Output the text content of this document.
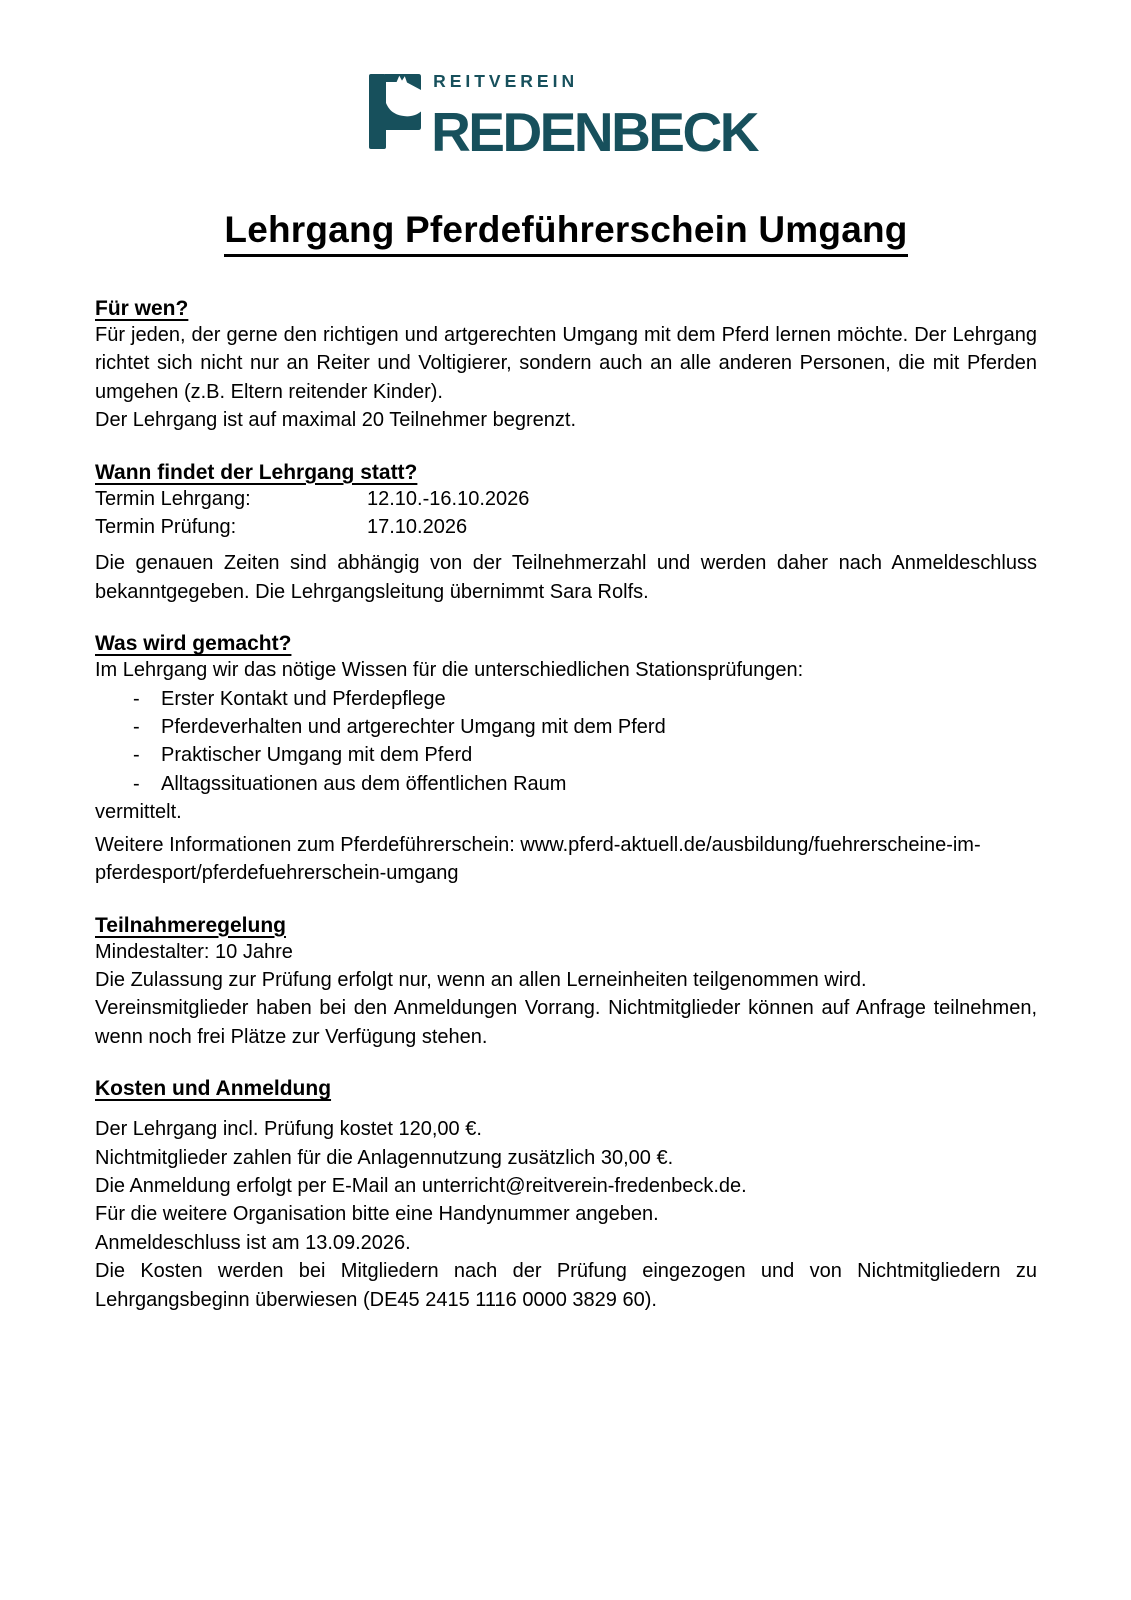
REITVEREIN
REDENBECK
Lehrgang Pferdeführerschein Umgang
Für wen?

Für jeden, der gerne den richtigen und artgerechten Umgang mit dem Pferd lernen möchte. Der Lehrgang richtet sich nicht nur an Reiter und Voltigierer, sondern auch an alle anderen Personen, die mit Pferden umgehen (z.B. Eltern reitender Kinder).

Der Lehrgang ist auf maximal 20 Teilnehmer begrenzt.

Wann findet der Lehrgang statt?
Termin Lehrgang:	12.10.-16.10.2026
Termin Prüfung:	17.10.2026

Die genauen Zeiten sind abhängig von der Teilnehmerzahl und werden daher nach Anmeldeschluss bekanntgegeben. Die Lehrgangsleitung übernimmt Sara Rolfs.

Was wird gemacht?

Im Lehrgang wir das nötige Wissen für die unterschiedlichen Stationsprüfungen:

- Erster Kontakt und Pferdepflege
- Pferdeverhalten und artgerechter Umgang mit dem Pferd
- Praktischer Umgang mit dem Pferd
- Alltagssituationen aus dem öffentlichen Raum

vermittelt.

Weitere Informationen zum Pferdeführerschein: www.pferd-aktuell.de/ausbildung/fuehrerscheine-im-pferdesport/pferdefuehrerschein-umgang

Teilnahmeregelung

Mindestalter: 10 Jahre

Die Zulassung zur Prüfung erfolgt nur, wenn an allen Lerneinheiten teilgenommen wird.

Vereinsmitglieder haben bei den Anmeldungen Vorrang. Nichtmitglieder können auf Anfrage teilnehmen, wenn noch frei Plätze zur Verfügung stehen.

Kosten und Anmeldung

Der Lehrgang incl. Prüfung kostet 120,00 €.

Nichtmitglieder zahlen für die Anlagennutzung zusätzlich 30,00 €.

Die Anmeldung erfolgt per E-Mail an unterricht@reitverein-fredenbeck.de.

Für die weitere Organisation bitte eine Handynummer angeben.

Anmeldeschluss ist am 13.09.2026.

Die Kosten werden bei Mitgliedern nach der Prüfung eingezogen und von Nichtmitgliedern zu Lehrgangsbeginn überwiesen (DE45 2415 1116 0000 3829 60).
